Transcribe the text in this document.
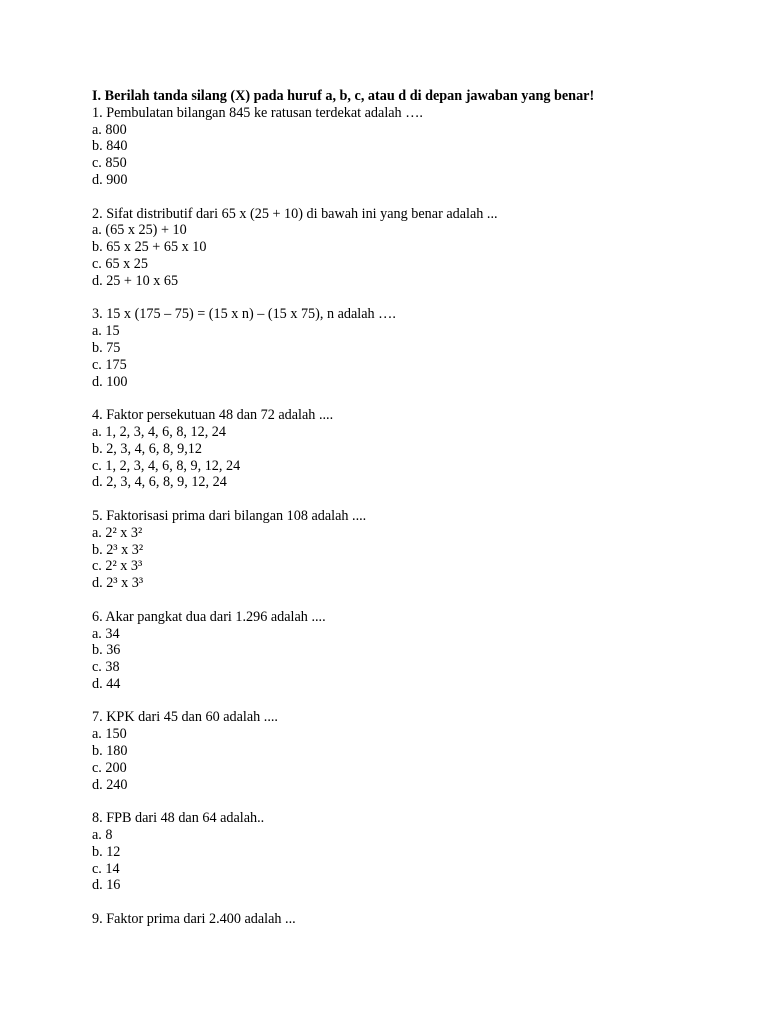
I. Berilah tanda silang (X) pada huruf a, b, c, atau d di depan jawaban yang benar!
1. Pembulatan bilangan 845 ke ratusan terdekat adalah ….
a. 800
b. 840
c. 850
d. 900
2. Sifat distributif dari 65 x (25 + 10) di bawah ini yang benar adalah ...
a. (65 x 25) + 10
b. 65 x 25 + 65 x 10
c. 65 x 25
d. 25 + 10 x 65
3. 15 x (175 – 75) = (15 x n) – (15 x 75), n adalah ….
a. 15
b. 75
c. 175
d. 100
4. Faktor persekutuan 48 dan 72 adalah ....
a. 1, 2, 3, 4, 6, 8, 12, 24
b. 2, 3, 4, 6, 8, 9,12
c. 1, 2, 3, 4, 6, 8, 9, 12, 24
d. 2, 3, 4, 6, 8, 9, 12, 24
5. Faktorisasi prima dari bilangan 108 adalah ....
a. 2² x 3²
b. 2³ x 3²
c. 2² x 3³
d. 2³ x 3³
6. Akar pangkat dua dari 1.296 adalah ....
a. 34
b. 36
c. 38
d. 44
7. KPK dari 45 dan 60 adalah ....
a. 150
b. 180
c. 200
d. 240
8. FPB dari 48 dan 64 adalah..
a. 8
b. 12
c. 14
d. 16
9. Faktor prima dari 2.400 adalah ...
